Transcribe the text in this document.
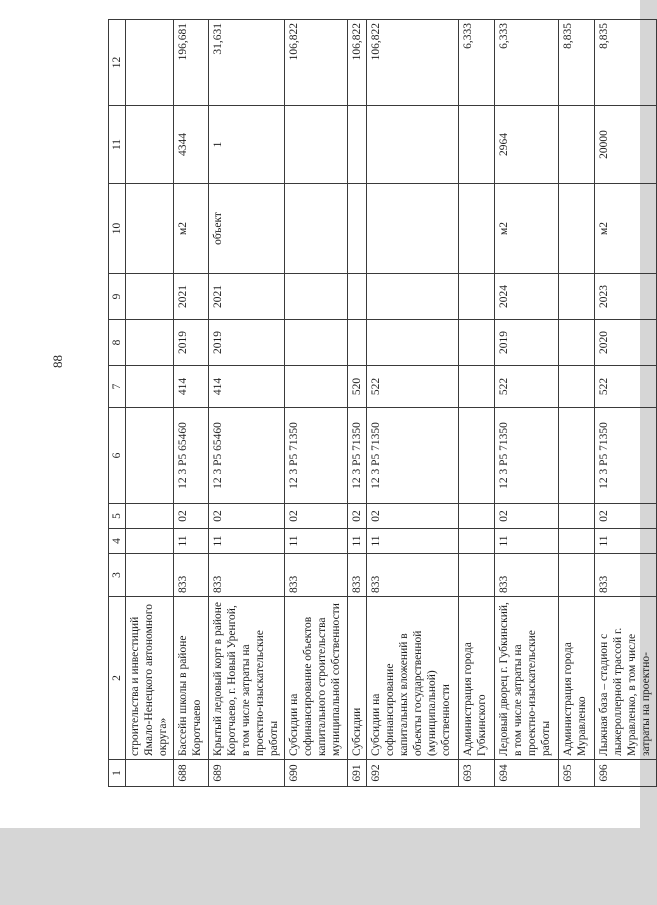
88
1	2	3	4	5	6	7	8	9	10	11	12
	строительства и инвестиций Ямало-Ненецкого автономного округа»										
688	Бассейн школы в районе Коротчаево	833	11	02	12 3 P5 65460	414	2019	2021	м2	4344	196,681
689	Крытый ледовый корт в районе Коротчаево, г. Новый Уренгой, в том числе затраты на проектно-изыскательские работы	833	11	02	12 3 P5 65460	414	2019	2021	объект	1	31,631
690	Субсидии на софинансирование объектов капитального строительства муниципальной собственности	833	11	02	12 3 P5 71350						106,822
691	Субсидии	833	11	02	12 3 P5 71350	520					106,822
692	Субсидии на софинансирование капитальных вложений в объекты государственной (муниципальной) собственности	833	11	02	12 3 P5 71350	522					106,822
693	Администрация города Губкинского										6,333
694	Ледовый дворец г. Губкинский, в том числе затраты на проектно-изыскательские работы	833	11	02	12 3 P5 71350	522	2019	2024	м2	2964	6,333
695	Администрация города Муравленко										8,835
696	Лыжная база – стадион с лыжероллерной трассой г. Муравленко, в том числе затраты на проектно-	833	11	02	12 3 P5 71350	522	2020	2023	м2	20000	8,835
